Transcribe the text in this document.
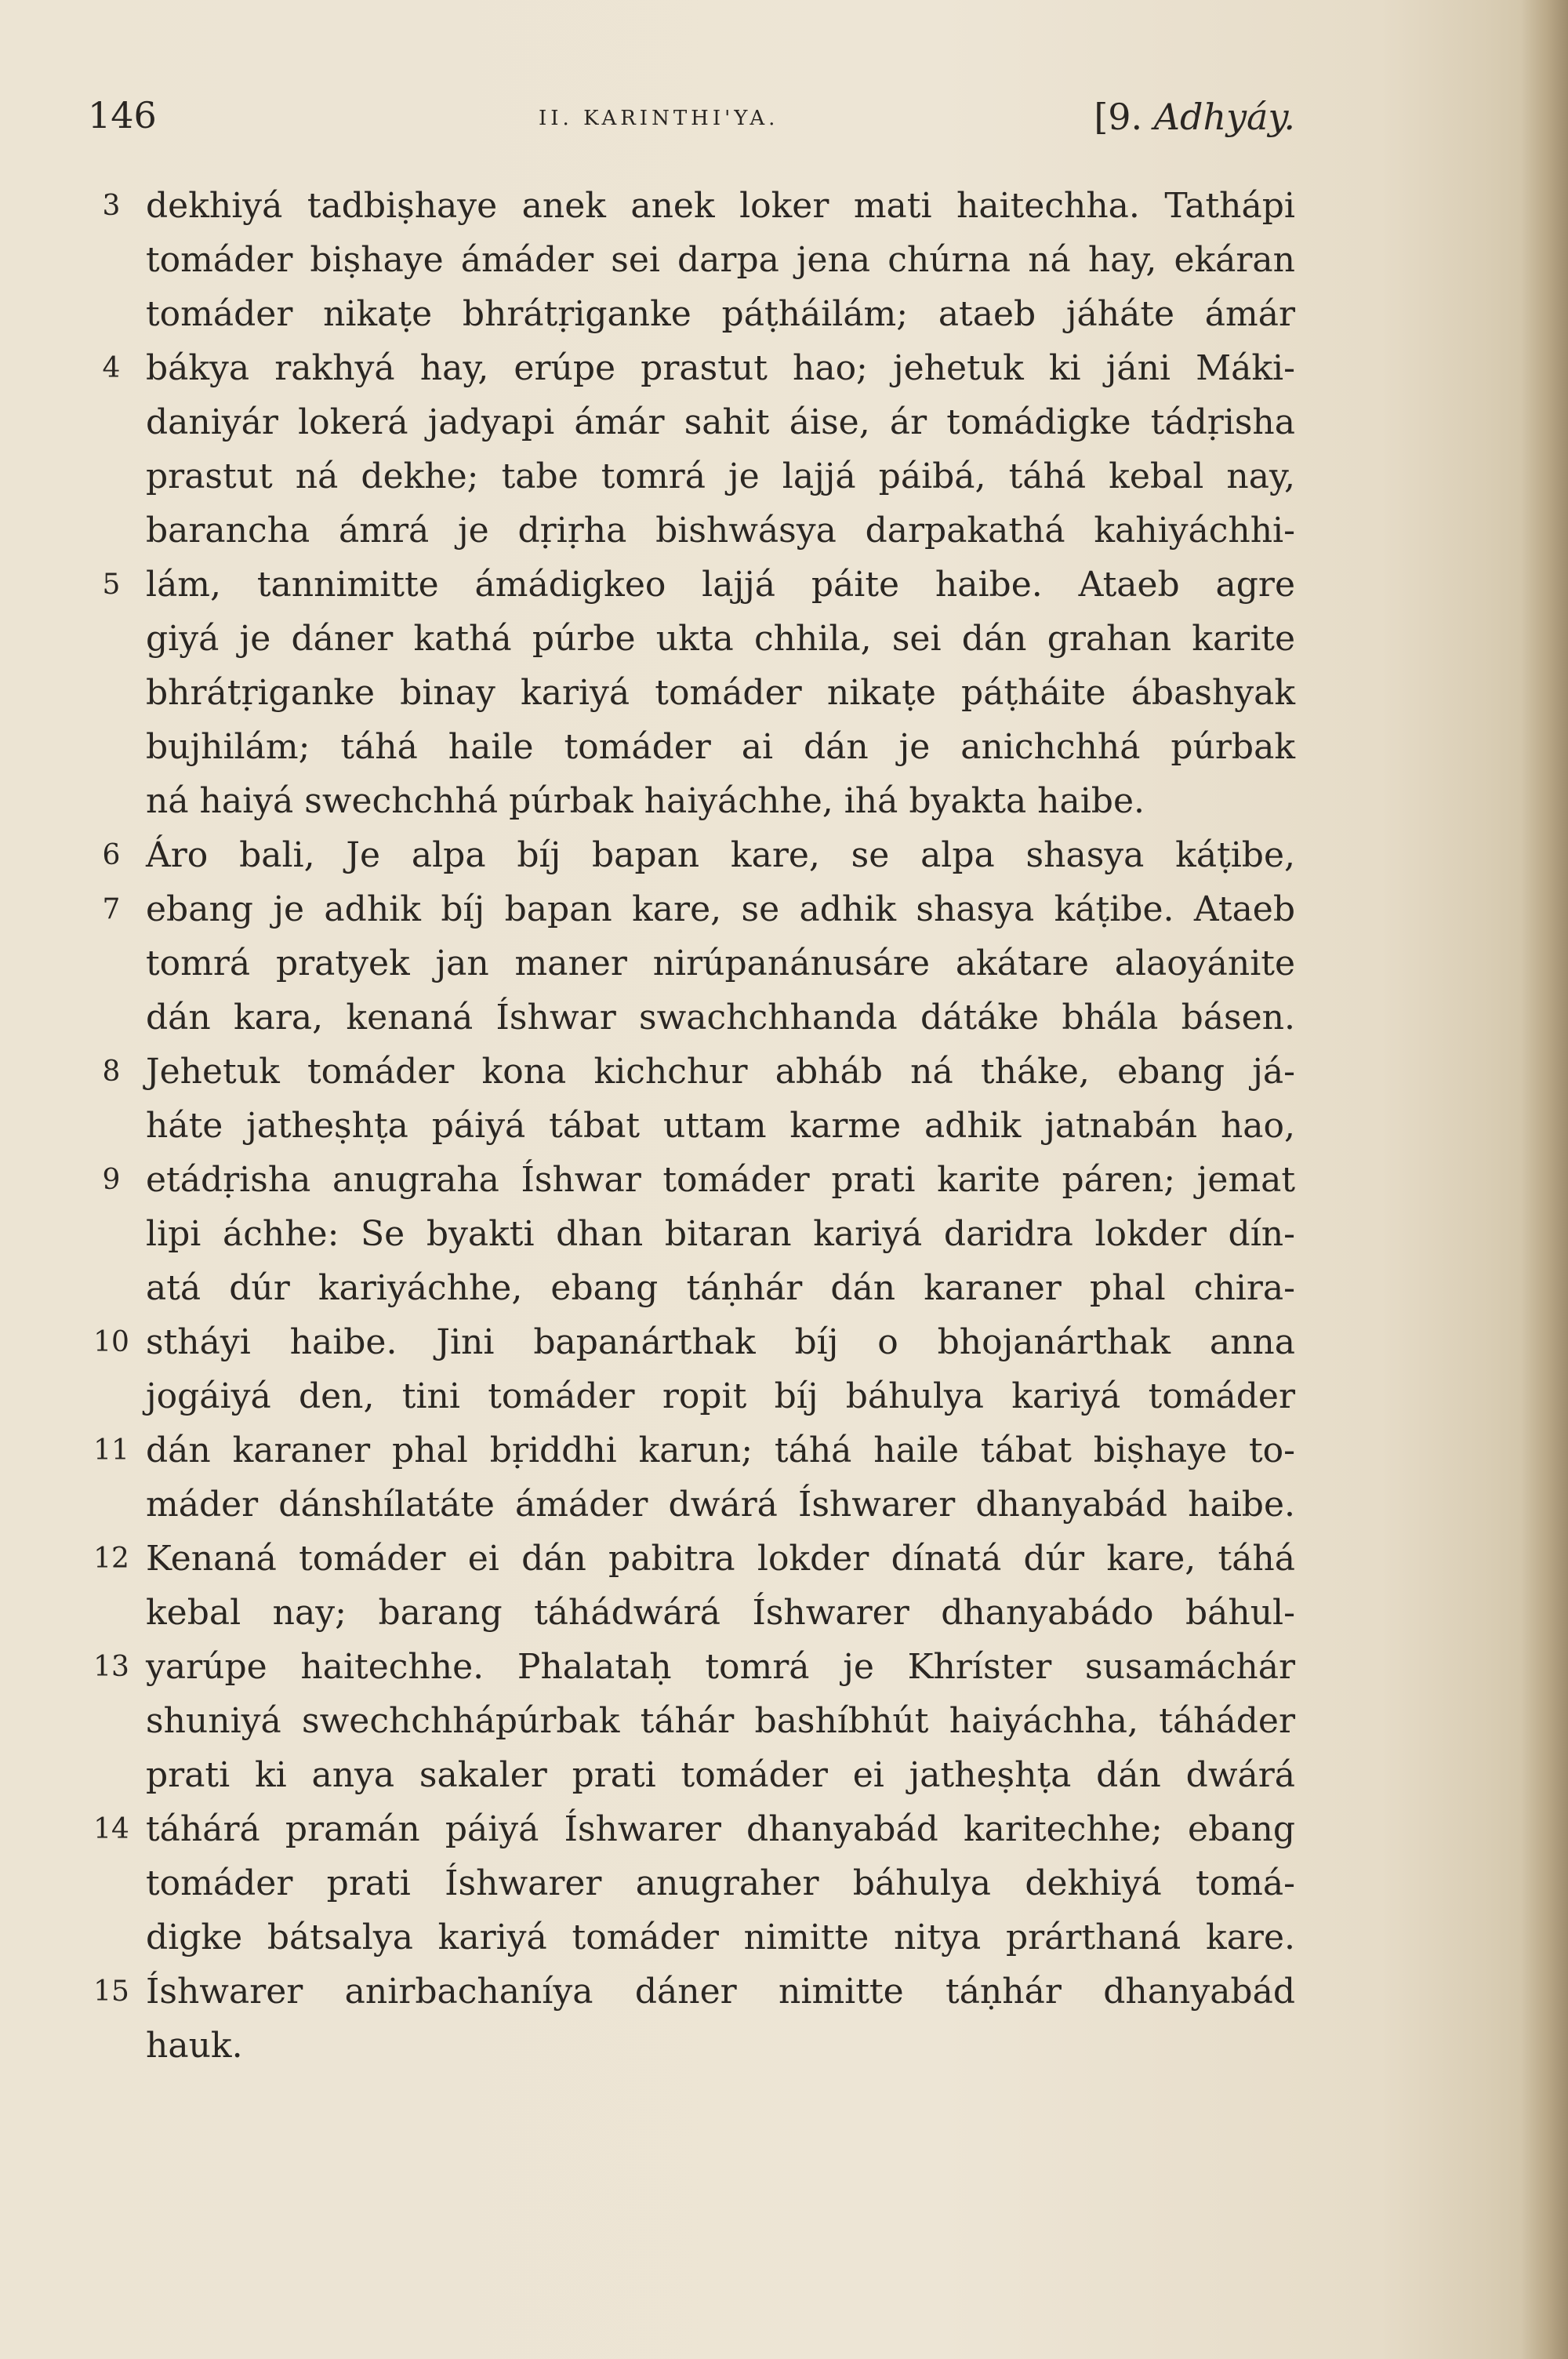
146	II. KARINTHI'YA.	[9. Adhyáy.
3 dekhiyá tadbiṣhaye anek anek loker mati haitechha. Tathápi
tomáder biṣhaye ámáder sei darpa jena chúrna ná hay, ekáran
tomáder nikaṭe bhrátṛiganke páṭháilám; ataeb jáháte ámár
4 bákya rakhyá hay, erúpe prastut hao; jehetuk ki jáni Máki-
daniyár lokerá jadyapi ámár sahit áise, ár tomádigke tádṛisha
prastut ná dekhe; tabe tomrá je lajjá páibá, táhá kebal nay,
barancha ámrá je dṛiṛha bishwásya darpakathá kahiyáchhi-
5 lám, tannimitte ámádigkeo lajjá páite haibe. Ataeb agre
giyá je dáner kathá púrbe ukta chhila, sei dán grahan karite
bhrátṛiganke binay kariyá tomáder nikaṭe páṭháite ábashyak
bujhilám; táhá haile tomáder ai dán je anichchhá púrbak
ná haiyá swechchhá púrbak haiyáchhe, ihá byakta haibe.
6 Áro bali, Je alpa bíj bapan kare, se alpa shasya káṭibe,
7 ebang je adhik bíj bapan kare, se adhik shasya káṭibe. Ataeb
tomrá pratyek jan maner nirúpanánusáre akátare alaoyánite
dán kara, kenaná Íshwar swachchhanda dátáke bhála básen.
8 Jehetuk tomáder kona kichchur abháb ná tháke, ebang já-
háte jatheṣhṭa páiyá tábat uttam karme adhik jatnabán hao,
9 etádṛisha anugraha Íshwar tomáder prati karite páren; jemat
lipi áchhe: Se byakti dhan bitaran kariyá daridra lokder dín-
atá dúr kariyáchhe, ebang táṇhár dán karaner phal chira-
10 stháyi haibe. Jini bapanárthak bíj o bhojanárthak anna
jogáiyá den, tini tomáder ropit bíj báhulya kariyá tomáder
11 dán karaner phal bṛiddhi karun; táhá haile tábat biṣhaye to-
máder dánshílatáte ámáder dwárá Íshwarer dhanyabád haibe.
12 Kenaná tomáder ei dán pabitra lokder dínatá dúr kare, táhá
kebal nay; barang táhádwárá Íshwarer dhanyabádo báhul-
13 yarúpe haitechhe. Phalataḥ tomrá je Khríster susamáchár
shuniyá swechchhápúrbak táhár bashíbhút haiyáchha, táháder
prati ki anya sakaler prati tomáder ei jatheṣhṭa dán dwárá
14 táhárá pramán páiyá Íshwarer dhanyabád karitechhe; ebang
tomáder prati Íshwarer anugraher báhulya dekhiyá tomá-
digke bátsalya kariyá tomáder nimitte nitya prárthaná kare.
15 Íshwarer anirbachaníya dáner nimitte táṇhár dhanyabád
hauk.
